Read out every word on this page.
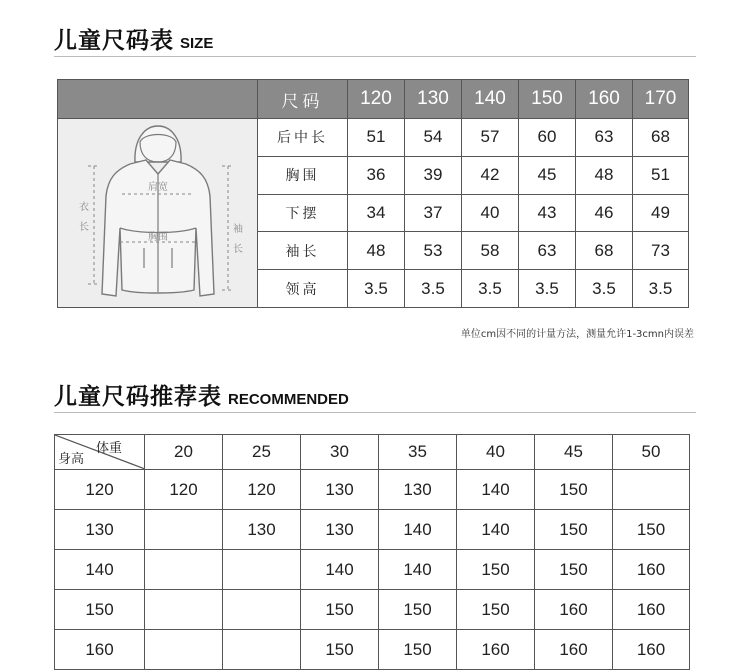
儿童尺码表 SIZE
	尺码	120	130	140	150	160	170
	后中长	51	54	57	60	63	68
	胸围	36	39	42	45	48	51
	下摆	34	37	40	43	46	49
	袖长	48	53	58	63	68	73
	领高	3.5	3.5	3.5	3.5	3.5	3.5
肩宽
胸围
衣
长	袖
长
单位cm因不同的计量方法，测量允许1-3cmn内误差
儿童尺码推荐表 RECOMMENDED
体重
身高	20	25	30	35	40	45	50
120	120	120	130	130	140	150	
130		130	130	140	140	150	150
140			140	140	150	150	160
150			150	150	150	160	160
160			150	150	160	160	160
